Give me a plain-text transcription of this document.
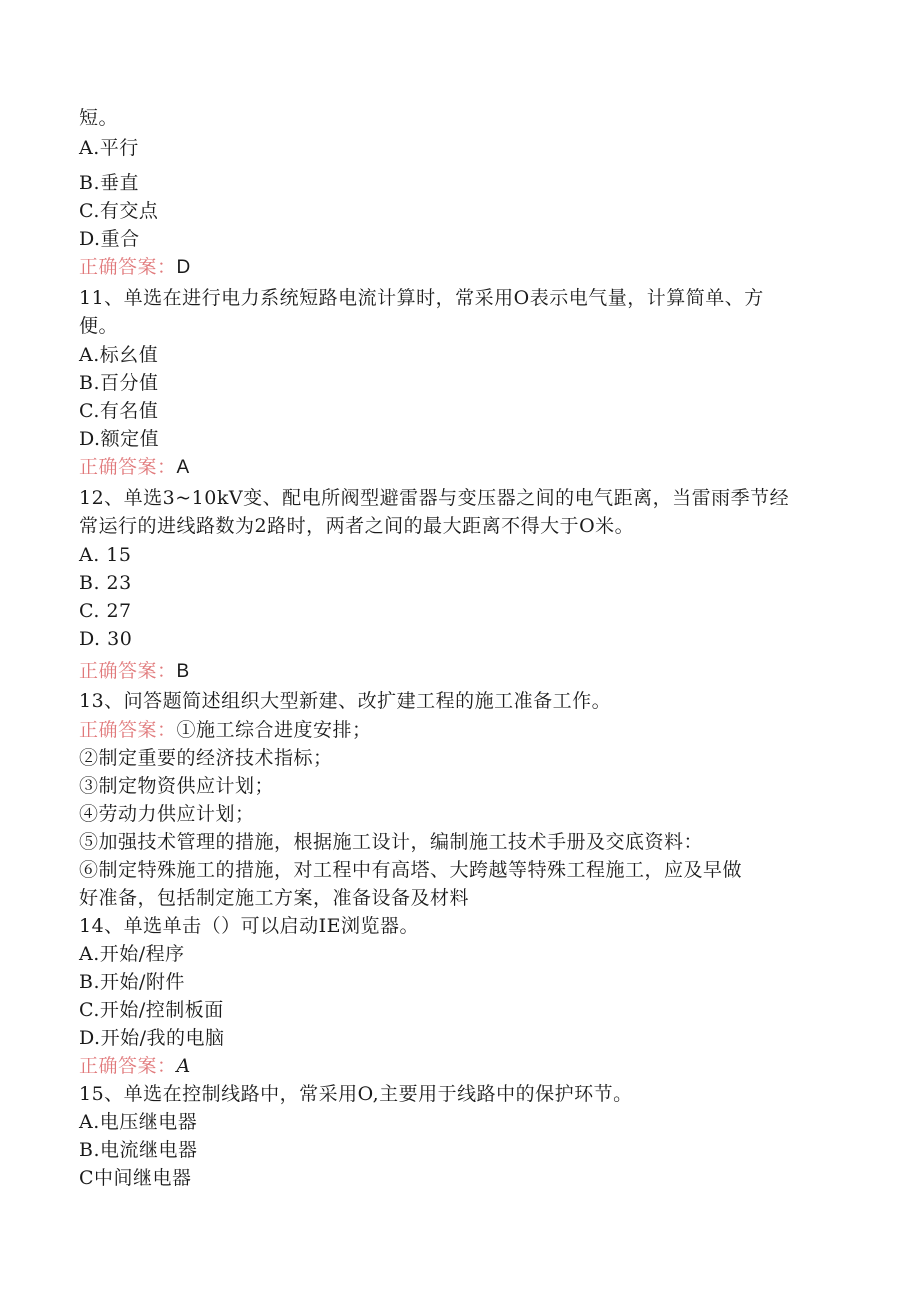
短。
A.平行
B.垂直
C.有交点
D.重合
正确答案：D
11、单选在进行电力系统短路电流计算时，常采用O表示电气量，计算简单、方
便。
A.标幺值
B.百分值
C.有名值
D.额定值
正确答案：A
12、单选3~10kV变、配电所阀型避雷器与变压器之间的电气距离，当雷雨季节经
常运行的进线路数为2路时，两者之间的最大距离不得大于O米。
A. 15
B. 23
C. 27
D. 30
正确答案：B
13、问答题简述组织大型新建、改扩建工程的施工准备工作。
正确答案：①施工综合进度安排；
②制定重要的经济技术指标；
③制定物资供应计划；
④劳动力供应计划；
⑤加强技术管理的措施，根据施工设计，编制施工技术手册及交底资料：
⑥制定特殊施工的措施，对工程中有高塔、大跨越等特殊工程施工，应及早做
好准备，包括制定施工方案，准备设备及材料
14、单选单击（）可以启动IE浏览器。
A.开始/程序
B.开始/附件
C.开始/控制板面
D.开始/我的电脑
正确答案：A
15、单选在控制线路中，常采用O,主要用于线路中的保护环节。
A.电压继电器
B.电流继电器
C中间继电器
